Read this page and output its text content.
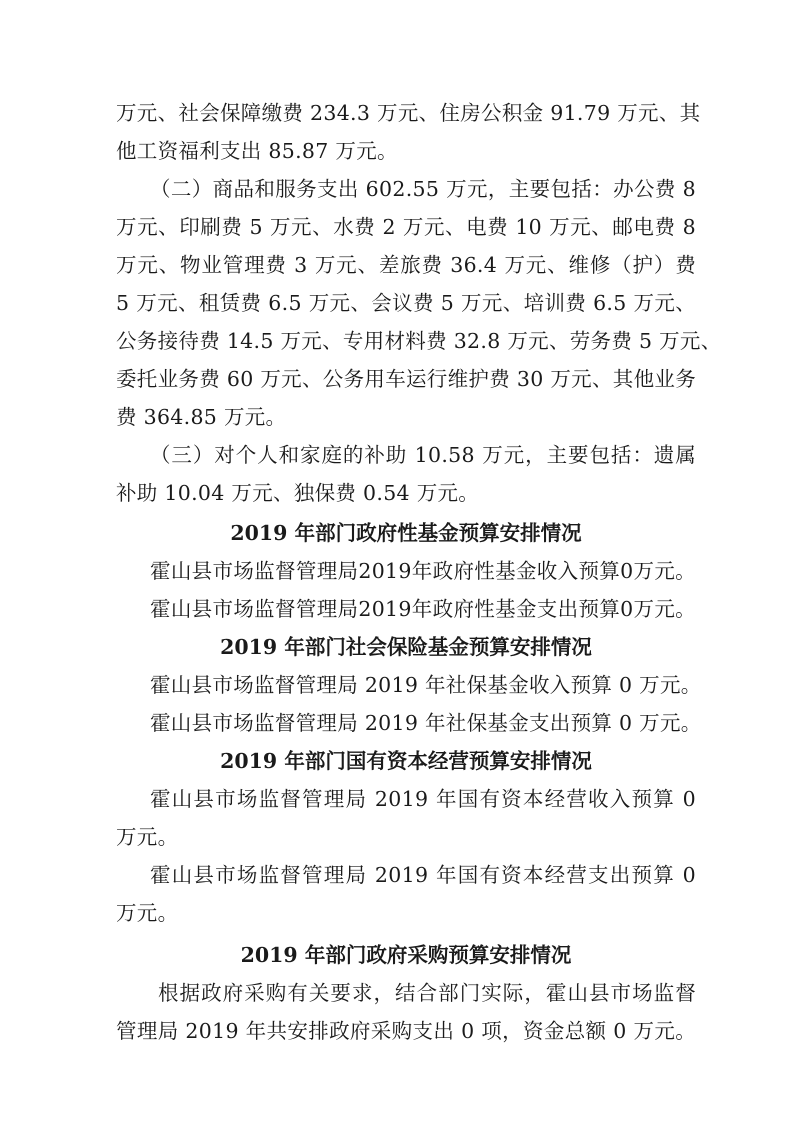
万元、社会保障缴费 234.3 万元、住房公积金 91.79 万元、其
他工资福利支出 85.87 万元。
（二）商品和服务支出 602.55 万元，主要包括：办公费 8
万元、印刷费 5 万元、水费 2 万元、电费 10 万元、邮电费 8
万元、物业管理费 3 万元、差旅费 36.4 万元、维修（护）费
5 万元、租赁费 6.5 万元、会议费 5 万元、培训费 6.5 万元、
公务接待费 14.5 万元、专用材料费 32.8 万元、劳务费 5 万元、
委托业务费 60 万元、公务用车运行维护费 30 万元、其他业务
费 364.85 万元。
（三）对个人和家庭的补助 10.58 万元，主要包括：遗属
补助 10.04 万元、独保费 0.54 万元。
2019 年部门政府性基金预算安排情况
霍山县市场监督管理局2019年政府性基金收入预算0万元。
霍山县市场监督管理局2019年政府性基金支出预算0万元。
2019 年部门社会保险基金预算安排情况
霍山县市场监督管理局 2019 年社保基金收入预算 0 万元。
霍山县市场监督管理局 2019 年社保基金支出预算 0 万元。
2019 年部门国有资本经营预算安排情况
霍山县市场监督管理局 2019 年国有资本经营收入预算 0
万元。
霍山县市场监督管理局 2019 年国有资本经营支出预算 0
万元。
2019 年部门政府采购预算安排情况
根据政府采购有关要求，结合部门实际，霍山县市场监督
管理局 2019 年共安排政府采购支出 0 项，资金总额 0 万元。
